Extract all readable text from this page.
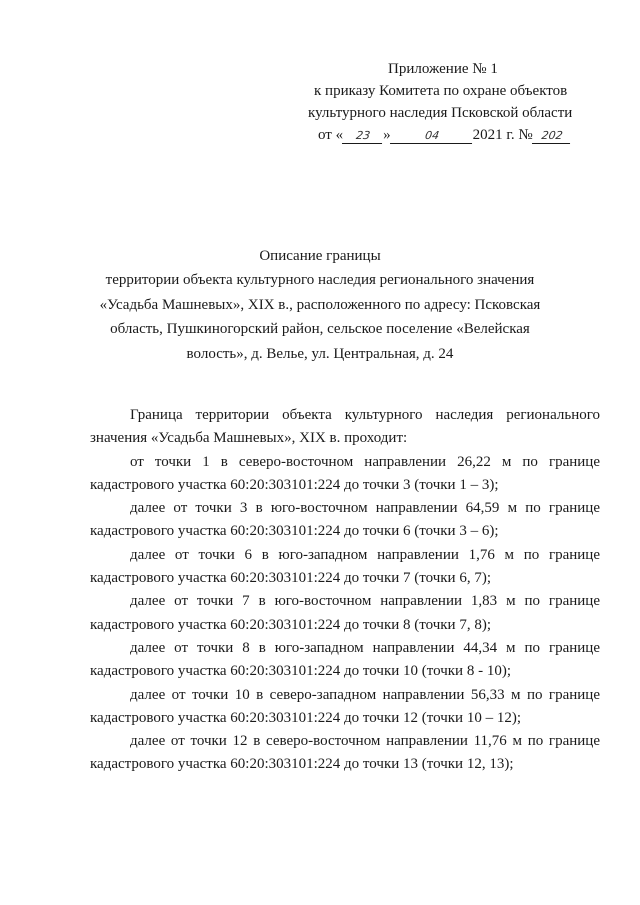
Приложение № 1
к приказу Комитета по охране объектов
культурного наследия Псковской области
от « 23 »	04 2021 г. № 202
Описание границы
территории объекта культурного наследия регионального значения
«Усадьба Машневых», XIX в., расположенного по адресу: Псковская
область, Пушкиногорский район, сельское поселение «Велейская
волость», д. Велье, ул. Центральная, д. 24

Граница территории объекта культурного наследия регионального значения «Усадьба Машневых», XIX в. проходит:

от точки 1 в северо-восточном направлении 26,22 м по границе кадастрового участка 60:20:303101:224 до точки 3 (точки 1 – 3);

далее от точки 3 в юго-восточном направлении 64,59 м по границе кадастрового участка 60:20:303101:224 до точки 6 (точки 3 – 6);

далее от точки 6 в юго-западном направлении 1,76 м по границе кадастрового участка 60:20:303101:224 до точки 7 (точки 6, 7);

далее от точки 7 в юго-восточном направлении 1,83 м по границе кадастрового участка 60:20:303101:224 до точки 8 (точки 7, 8);

далее от точки 8 в юго-западном направлении 44,34 м по границе кадастрового участка 60:20:303101:224 до точки 10 (точки 8 - 10);

далее от точки 10 в северо-западном направлении 56,33 м по границе кадастрового участка 60:20:303101:224 до точки 12 (точки 10 – 12);

далее от точки 12 в северо-восточном направлении 11,76 м по границе кадастрового участка 60:20:303101:224 до точки 13 (точки 12, 13);
